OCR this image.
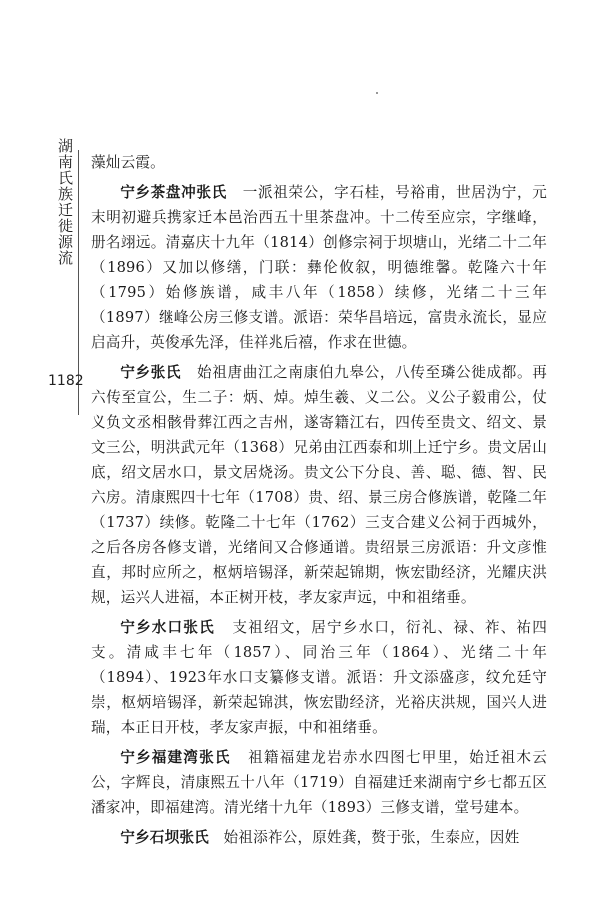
湖南氏族迁徙源流
1182

藻灿云霞。

宁乡茶盘冲张氏 一派祖荣公，字石桂，号裕甫，世居沩宁，元末明初避兵携家迁本邑治西五十里茶盘冲。十二传至应宗，字继峰，册名翊远。清嘉庆十九年（1814）创修宗祠于坝塘山，光绪二十二年（1896）又加以修缮，门联：彝伦攸叙，明德维馨。乾隆六十年（1795）始修族谱，咸丰八年（1858）续修，光绪二十三年（1897）继峰公房三修支谱。派语：荣华昌培远，富贵永流长，显应启高升，英俊承先泽，佳祥兆后禧，作求在世德。

宁乡张氏 始祖唐曲江之南康伯九皋公，八传至璘公徙成都。再六传至宣公，生二子：炳、焯。焯生羲、义二公。义公子毅甫公，仗义负文丞相骸骨葬江西之吉州，遂寄籍江右，四传至贵文、绍文、景文三公，明洪武元年（1368）兄弟由江西泰和圳上迁宁乡。贵文居山底，绍文居水口，景文居烧汤。贵文公下分良、善、聪、德、智、民六房。清康熙四十七年（1708）贵、绍、景三房合修族谱，乾隆二年（1737）续修。乾隆二十七年（1762）三支合建义公祠于西城外，之后各房各修支谱，光绪间又合修通谱。贵绍景三房派语：升文彦惟直，邦时应所之，枢炳培锡泽，新荣起锦期，恢宏勖经济，光耀庆洪规，运兴人进福，本正树开枝，孝友家声远，中和祖绪垂。

宁乡水口张氏 支祖绍文，居宁乡水口，衍礼、禄、祚、祐四支。清咸丰七年（1857）、同治三年（1864）、光绪二十年（1894）、1923年水口支纂修支谱。派语：升文添盛彦，纹允廷守崇，枢炳培锡泽，新荣起锦淇，恢宏勖经济，光裕庆洪规，国兴人进瑞，本正日开枝，孝友家声振，中和祖绪垂。

宁乡福建湾张氏 祖籍福建龙岩赤水四图七甲里，始迁祖木云公，字辉良，清康熙五十八年（1719）自福建迁来湖南宁乡七都五区潘家冲，即福建湾。清光绪十九年（1893）三修支谱，堂号建本。

宁乡石坝张氏 始祖添祚公，原姓龚，赘于张，生泰应，因姓
